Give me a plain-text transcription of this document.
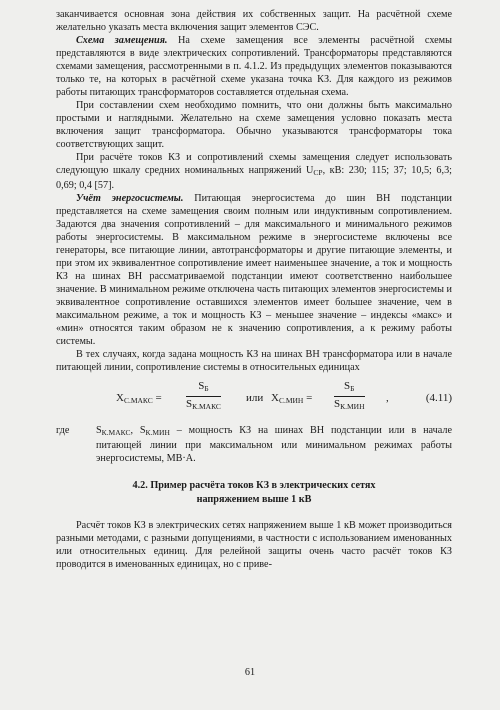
заканчивается основная зона действия их собственных защит. На расчётной схеме желательно указать места включения защит элементов СЭС.

Схема замещения. На схеме замещения все элементы расчётной схемы представляются в виде электрических сопротивлений. Трансформаторы представляются схемами замещения, рассмотренными в п. 4.1.2. Из предыдущих элементов показываются только те, на которых в расчётной схеме указана точка КЗ. Для каждого из режимов работы питающих трансформаторов составляется отдельная схема.

При составлении схем необходимо помнить, что они должны быть максимально простыми и наглядными. Желательно на схеме замещения условно показать места включения защит трансформатора. Обычно указываются трансформаторы тока соответствующих защит.

При расчёте токов КЗ и сопротивлений схемы замещения следует использовать следующую шкалу средних номинальных напряжений $U_{СР}$, кВ: 230; 115; 37; 10,5; 6,3; 0,69; 0,4 [57].

Учёт энергосистемы. Питающая энергосистема до шин ВН подстанции представляется на схеме замещения своим полным или индуктивным сопротивлением. Задаются два значения сопротивлений – для максимального и минимального режимов работы энергосистемы. В максимальном режиме в энергосистеме включены все генераторы, все питающие линии, автотрансформаторы и другие питающие элементы, и при этом их эквивалентное сопротивление имеет наименьшее значение, а ток и мощность КЗ на шинах ВН рассматриваемой подстанции имеют соответственно наибольшее значение. В минимальном режиме отключена часть питающих элементов энергосистемы и эквивалентное сопротивление оставшихся элементов имеет большее значение, чем в максимальном режиме, а ток и мощность КЗ – меньшее значение – индексы «макс» и «мин» относятся таким образом не к значению сопротивления, а к режиму работы системы.

В тех случаях, когда задана мощность КЗ на шинах ВН трансформатора или в начале питающей линии, сопротивление системы в относительных единицах

$X_{С.МАКС}$ =
$S_Б$
$S_{К.МАКС}$
или $X_{С.МИН}$ =
$S_Б$
$S_{К.МИН}$
,	(4.11)

где	$S_{К.МАКС}$, $S_{К.МИН}$ – мощность КЗ на шинах ВН подстанции или в начале питающей линии при максимальном или минимальном режимах работы энергосистемы, МВ·А.

4.2. Пример расчёта токов КЗ в электрических сетях
напряжением выше 1 кВ

Расчёт токов КЗ в электрических сетях напряжением выше 1 кВ может производиться разными методами, с разными допущениями, в частности с использованием именованных или относительных единиц. Для релейной защиты очень часто расчёт токов КЗ проводится в именованных единицах, но с приве-

61
